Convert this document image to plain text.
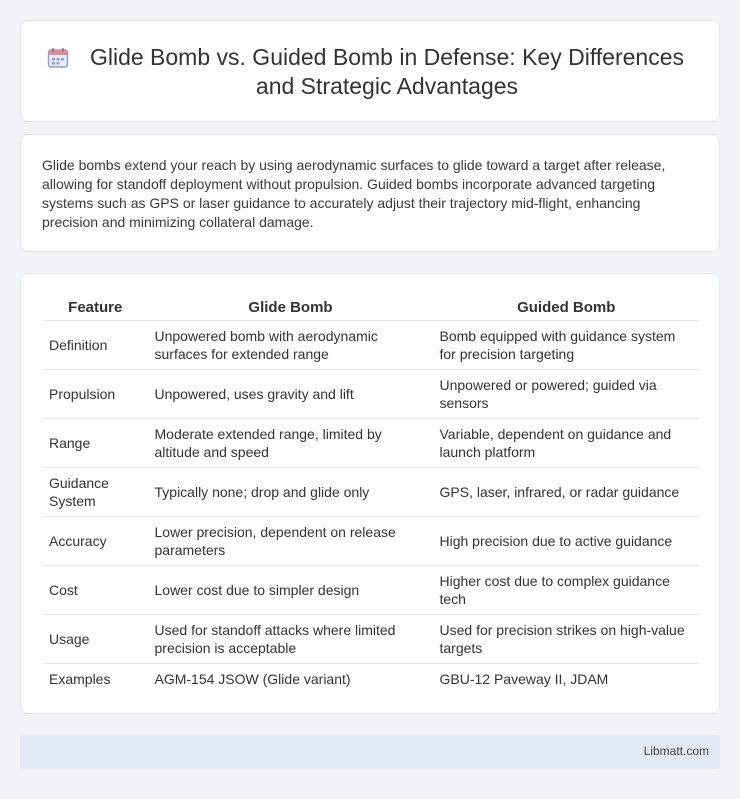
Glide Bomb vs. Guided Bomb in Defense: Key Differences and Strategic Advantages

Glide bombs extend your reach by using aerodynamic surfaces to glide toward a target after release, allowing for standoff deployment without propulsion. Guided bombs incorporate advanced targeting systems such as GPS or laser guidance to accurately adjust their trajectory mid-flight, enhancing precision and minimizing collateral damage.

Feature	Glide Bomb	Guided Bomb
Definition	Unpowered bomb with aerodynamic surfaces for extended range	Bomb equipped with guidance system for precision targeting
Propulsion	Unpowered, uses gravity and lift	Unpowered or powered; guided via sensors
Range	Moderate extended range, limited by altitude and speed	Variable, dependent on guidance and launch platform
Guidance System	Typically none; drop and glide only	GPS, laser, infrared, or radar guidance
Accuracy	Lower precision, dependent on release parameters	High precision due to active guidance
Cost	Lower cost due to simpler design	Higher cost due to complex guidance tech
Usage	Used for standoff attacks where limited precision is acceptable	Used for precision strikes on high-value targets
Examples	AGM-154 JSOW (Glide variant)	GBU-12 Paveway II, JDAM
Libmatt.com
